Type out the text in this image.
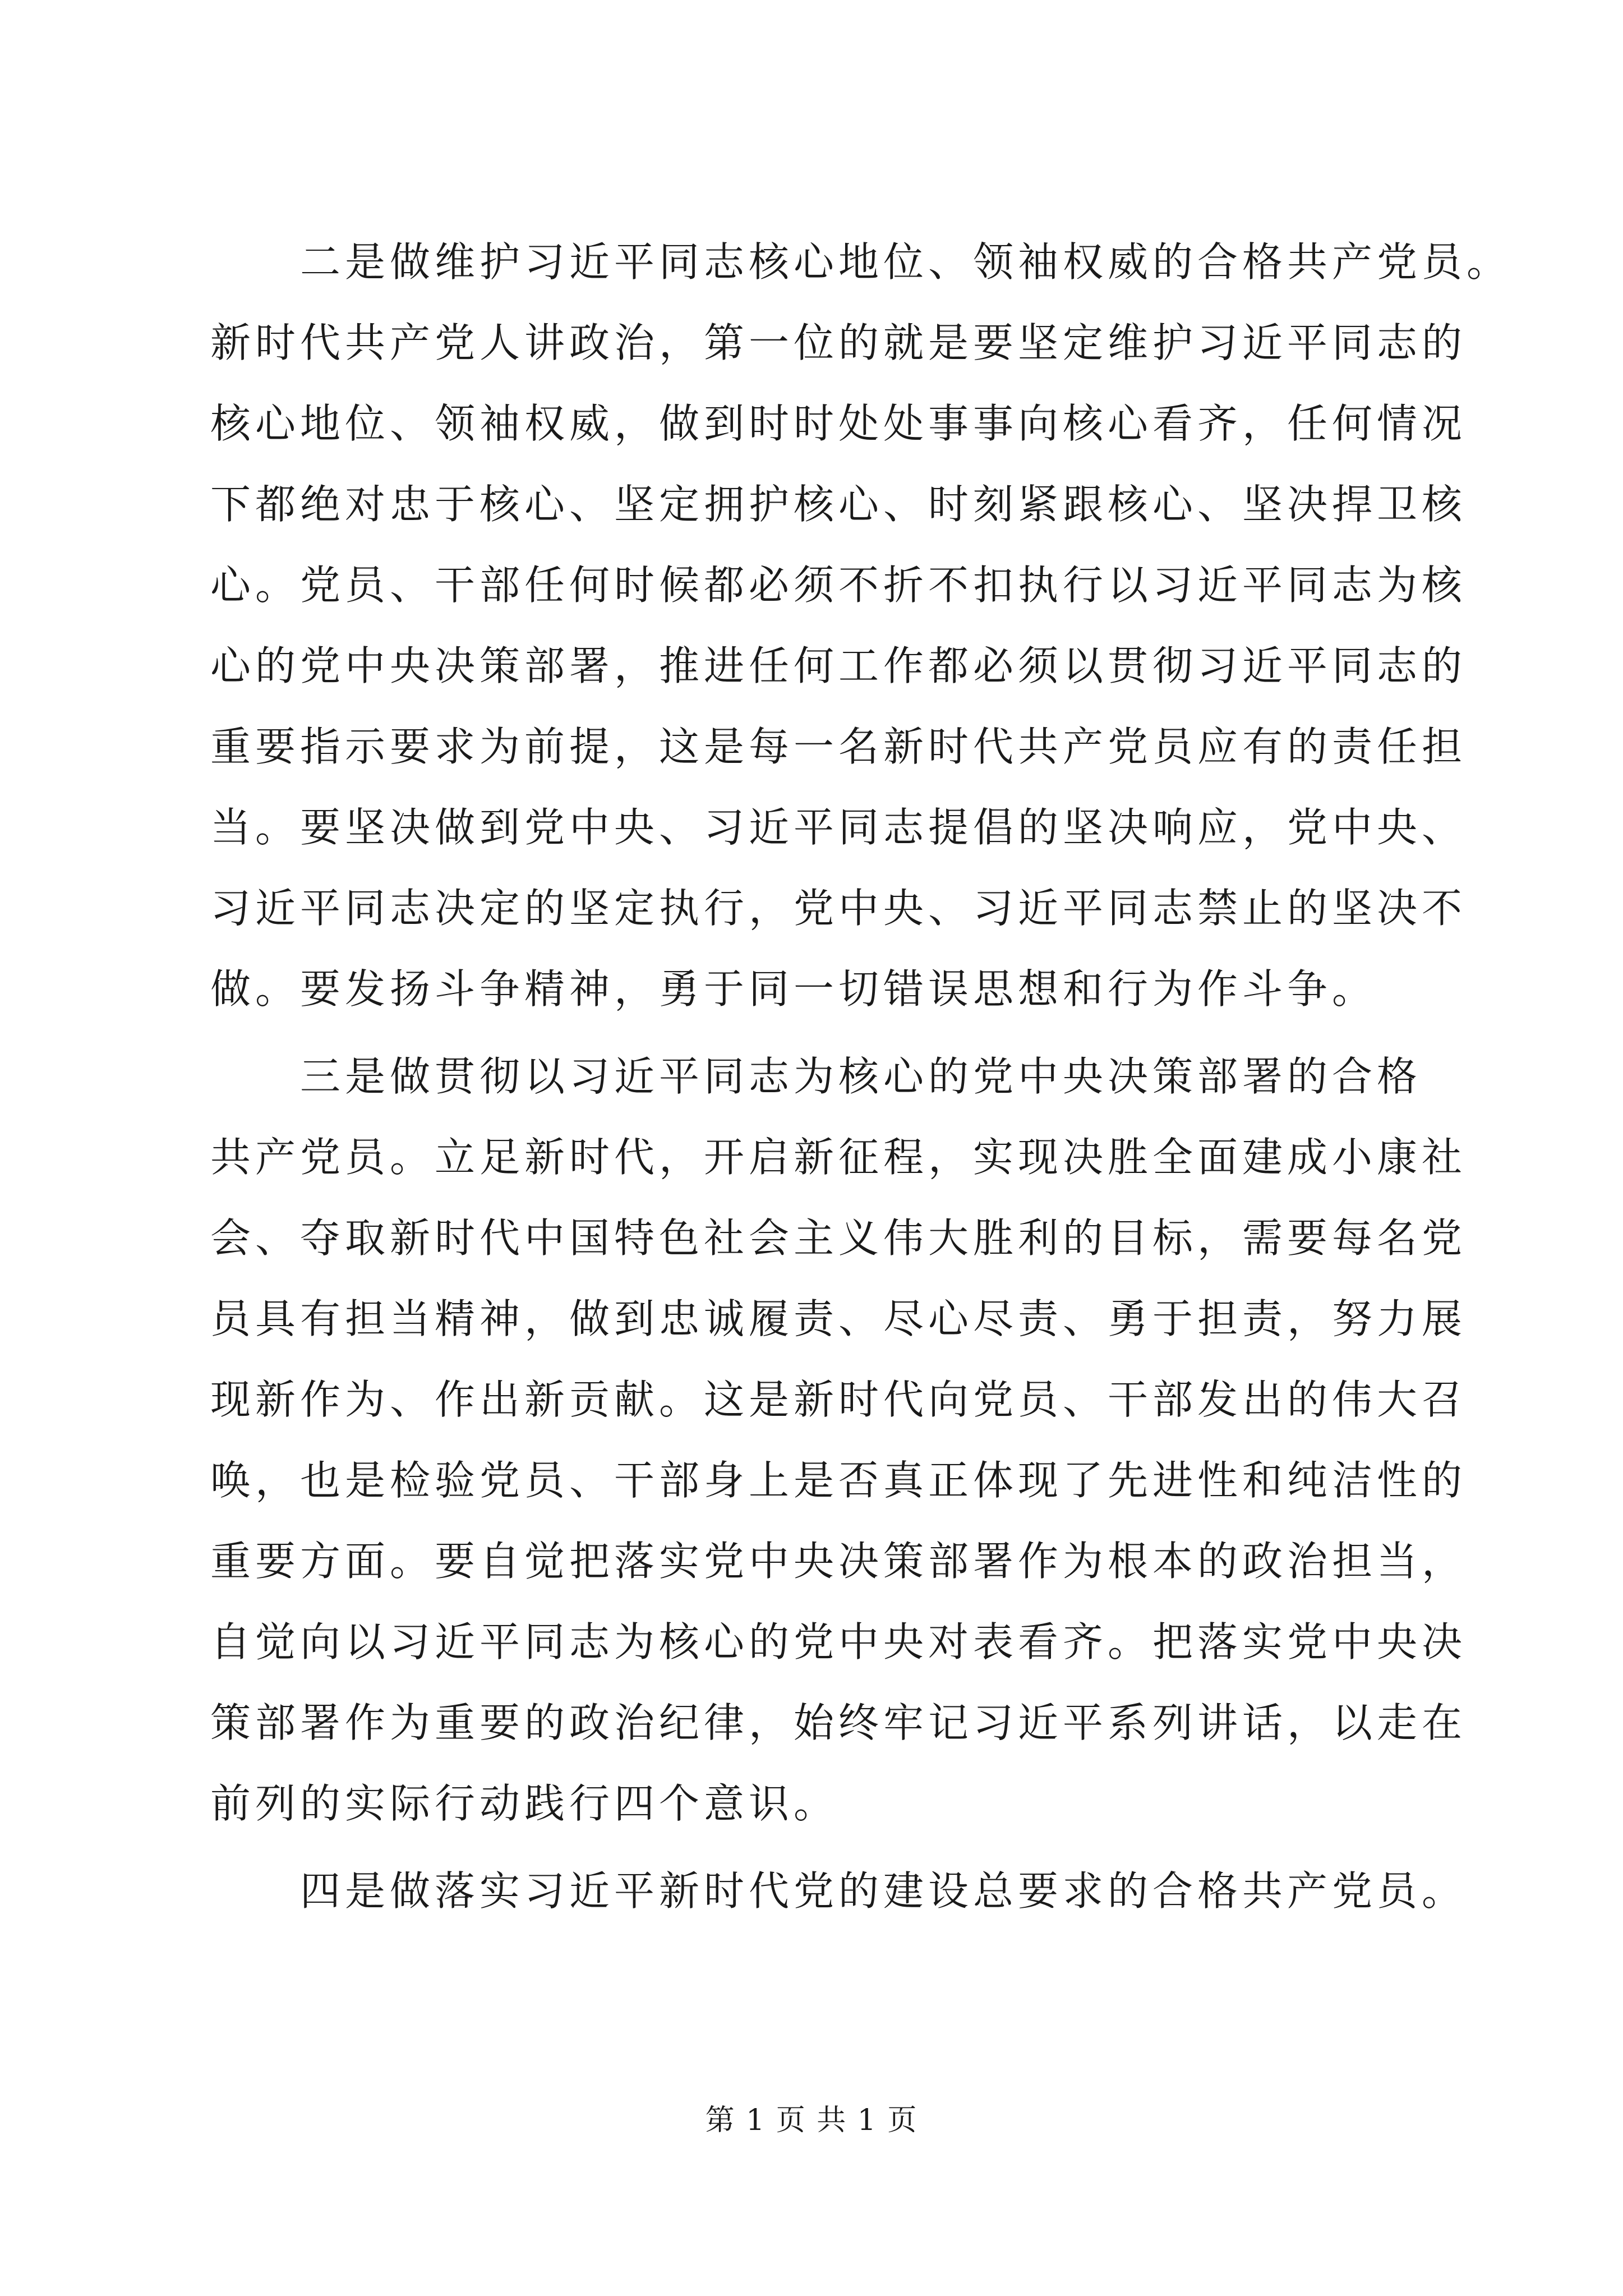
　　二是做维护习近平同志核心地位、领袖权威的合格共产党员。
新时代共产党人讲政治，第一位的就是要坚定维护习近平同志的
核心地位、领袖权威，做到时时处处事事向核心看齐，任何情况
下都绝对忠于核心、坚定拥护核心、时刻紧跟核心、坚决捍卫核
心。党员、干部任何时候都必须不折不扣执行以习近平同志为核
心的党中央决策部署，推进任何工作都必须以贯彻习近平同志的
重要指示要求为前提，这是每一名新时代共产党员应有的责任担
当。要坚决做到党中央、习近平同志提倡的坚决响应，党中央、
习近平同志决定的坚定执行，党中央、习近平同志禁止的坚决不
做。要发扬斗争精神，勇于同一切错误思想和行为作斗争。
　　三是做贯彻以习近平同志为核心的党中央决策部署的合格
共产党员。立足新时代，开启新征程，实现决胜全面建成小康社
会、夺取新时代中国特色社会主义伟大胜利的目标，需要每名党
员具有担当精神，做到忠诚履责、尽心尽责、勇于担责，努力展
现新作为、作出新贡献。这是新时代向党员、干部发出的伟大召
唤，也是检验党员、干部身上是否真正体现了先进性和纯洁性的
重要方面。要自觉把落实党中央决策部署作为根本的政治担当，
自觉向以习近平同志为核心的党中央对表看齐。把落实党中央决
策部署作为重要的政治纪律，始终牢记习近平系列讲话，以走在
前列的实际行动践行四个意识。
　　四是做落实习近平新时代党的建设总要求的合格共产党员。
第 1 页 共 1 页
